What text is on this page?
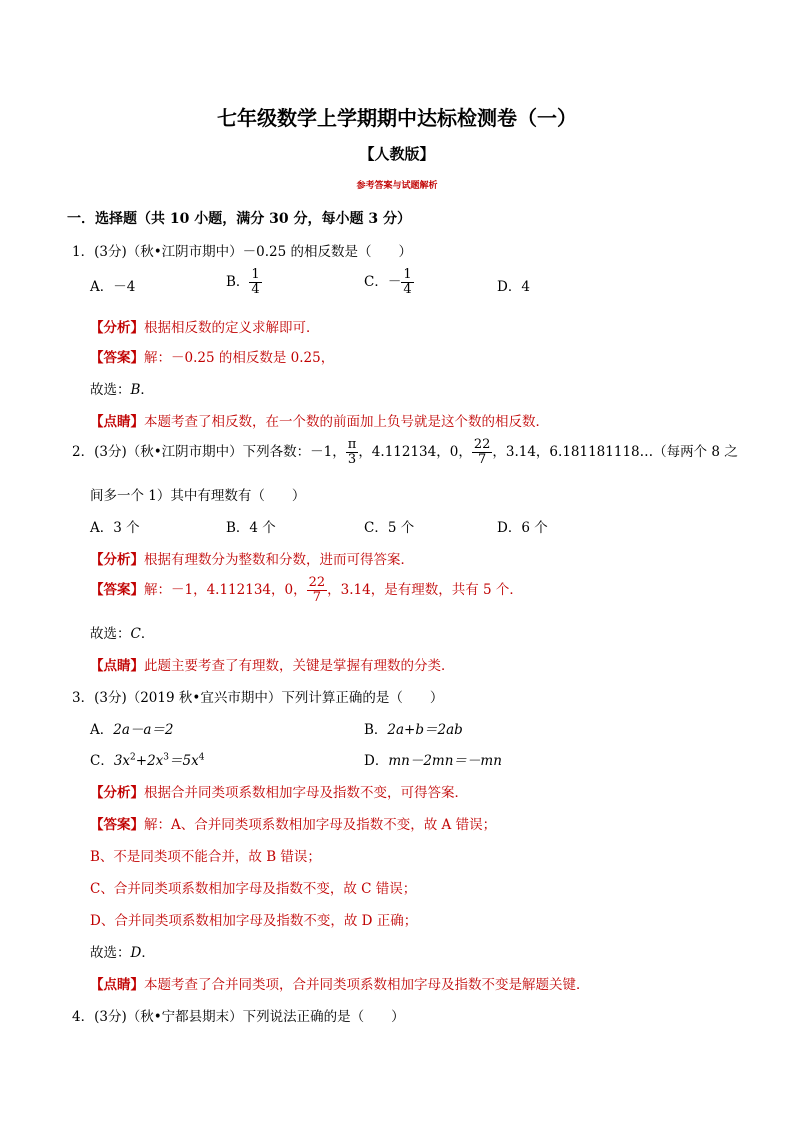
七年级数学上学期期中达标检测卷（一）
【人教版】
参考答案与试题解析
一．选择题（共 10 小题，满分 30 分，每小题 3 分）
1．(3分)（秋•江阴市期中）－0.25 的相反数是（　　）
A．－4	B． $\frac{1}{4}$	C．－ $\frac{1}{4}$	D．4
【分析】根据相反数的定义求解即可．
【答案】解：－0.25 的相反数是 0.25，
故选：B．
【点睛】本题考查了相反数，在一个数的前面加上负号就是这个数的相反数．
2．(3分)（秋•江阴市期中）下列各数：－1， $\frac{\pi}{3}$ ，4.112134，0， $\frac{22}{7}$ ，3.14，6.181181118…（每两个 8 之
间多一个 1）其中有理数有（　　）
A．3 个	B．4 个	C．5 个	D．6 个
【分析】根据有理数分为整数和分数，进而可得答案．
【答案】解：－1，4.112134，0， $\frac{22}{7}$ ，3.14，是有理数，共有 5 个．
故选：C．
【点睛】此题主要考查了有理数，关键是掌握有理数的分类．
3．(3分)（2019 秋•宜兴市期中）下列计算正确的是（　　）
A．2a－a＝2	B．2a+b＝2ab
C．$3x^2+2x^3=5x^4$	D．mn－2mn＝－mn
【分析】根据合并同类项系数相加字母及指数不变，可得答案．
【答案】解：A、合并同类项系数相加字母及指数不变，故 A 错误；
B、不是同类项不能合并，故 B 错误；
C、合并同类项系数相加字母及指数不变，故 C 错误；
D、合并同类项系数相加字母及指数不变，故 D 正确；
故选：D．
【点睛】本题考查了合并同类项，合并同类项系数相加字母及指数不变是解题关键．
4．(3分)（秋•宁都县期末）下列说法正确的是（　　）
